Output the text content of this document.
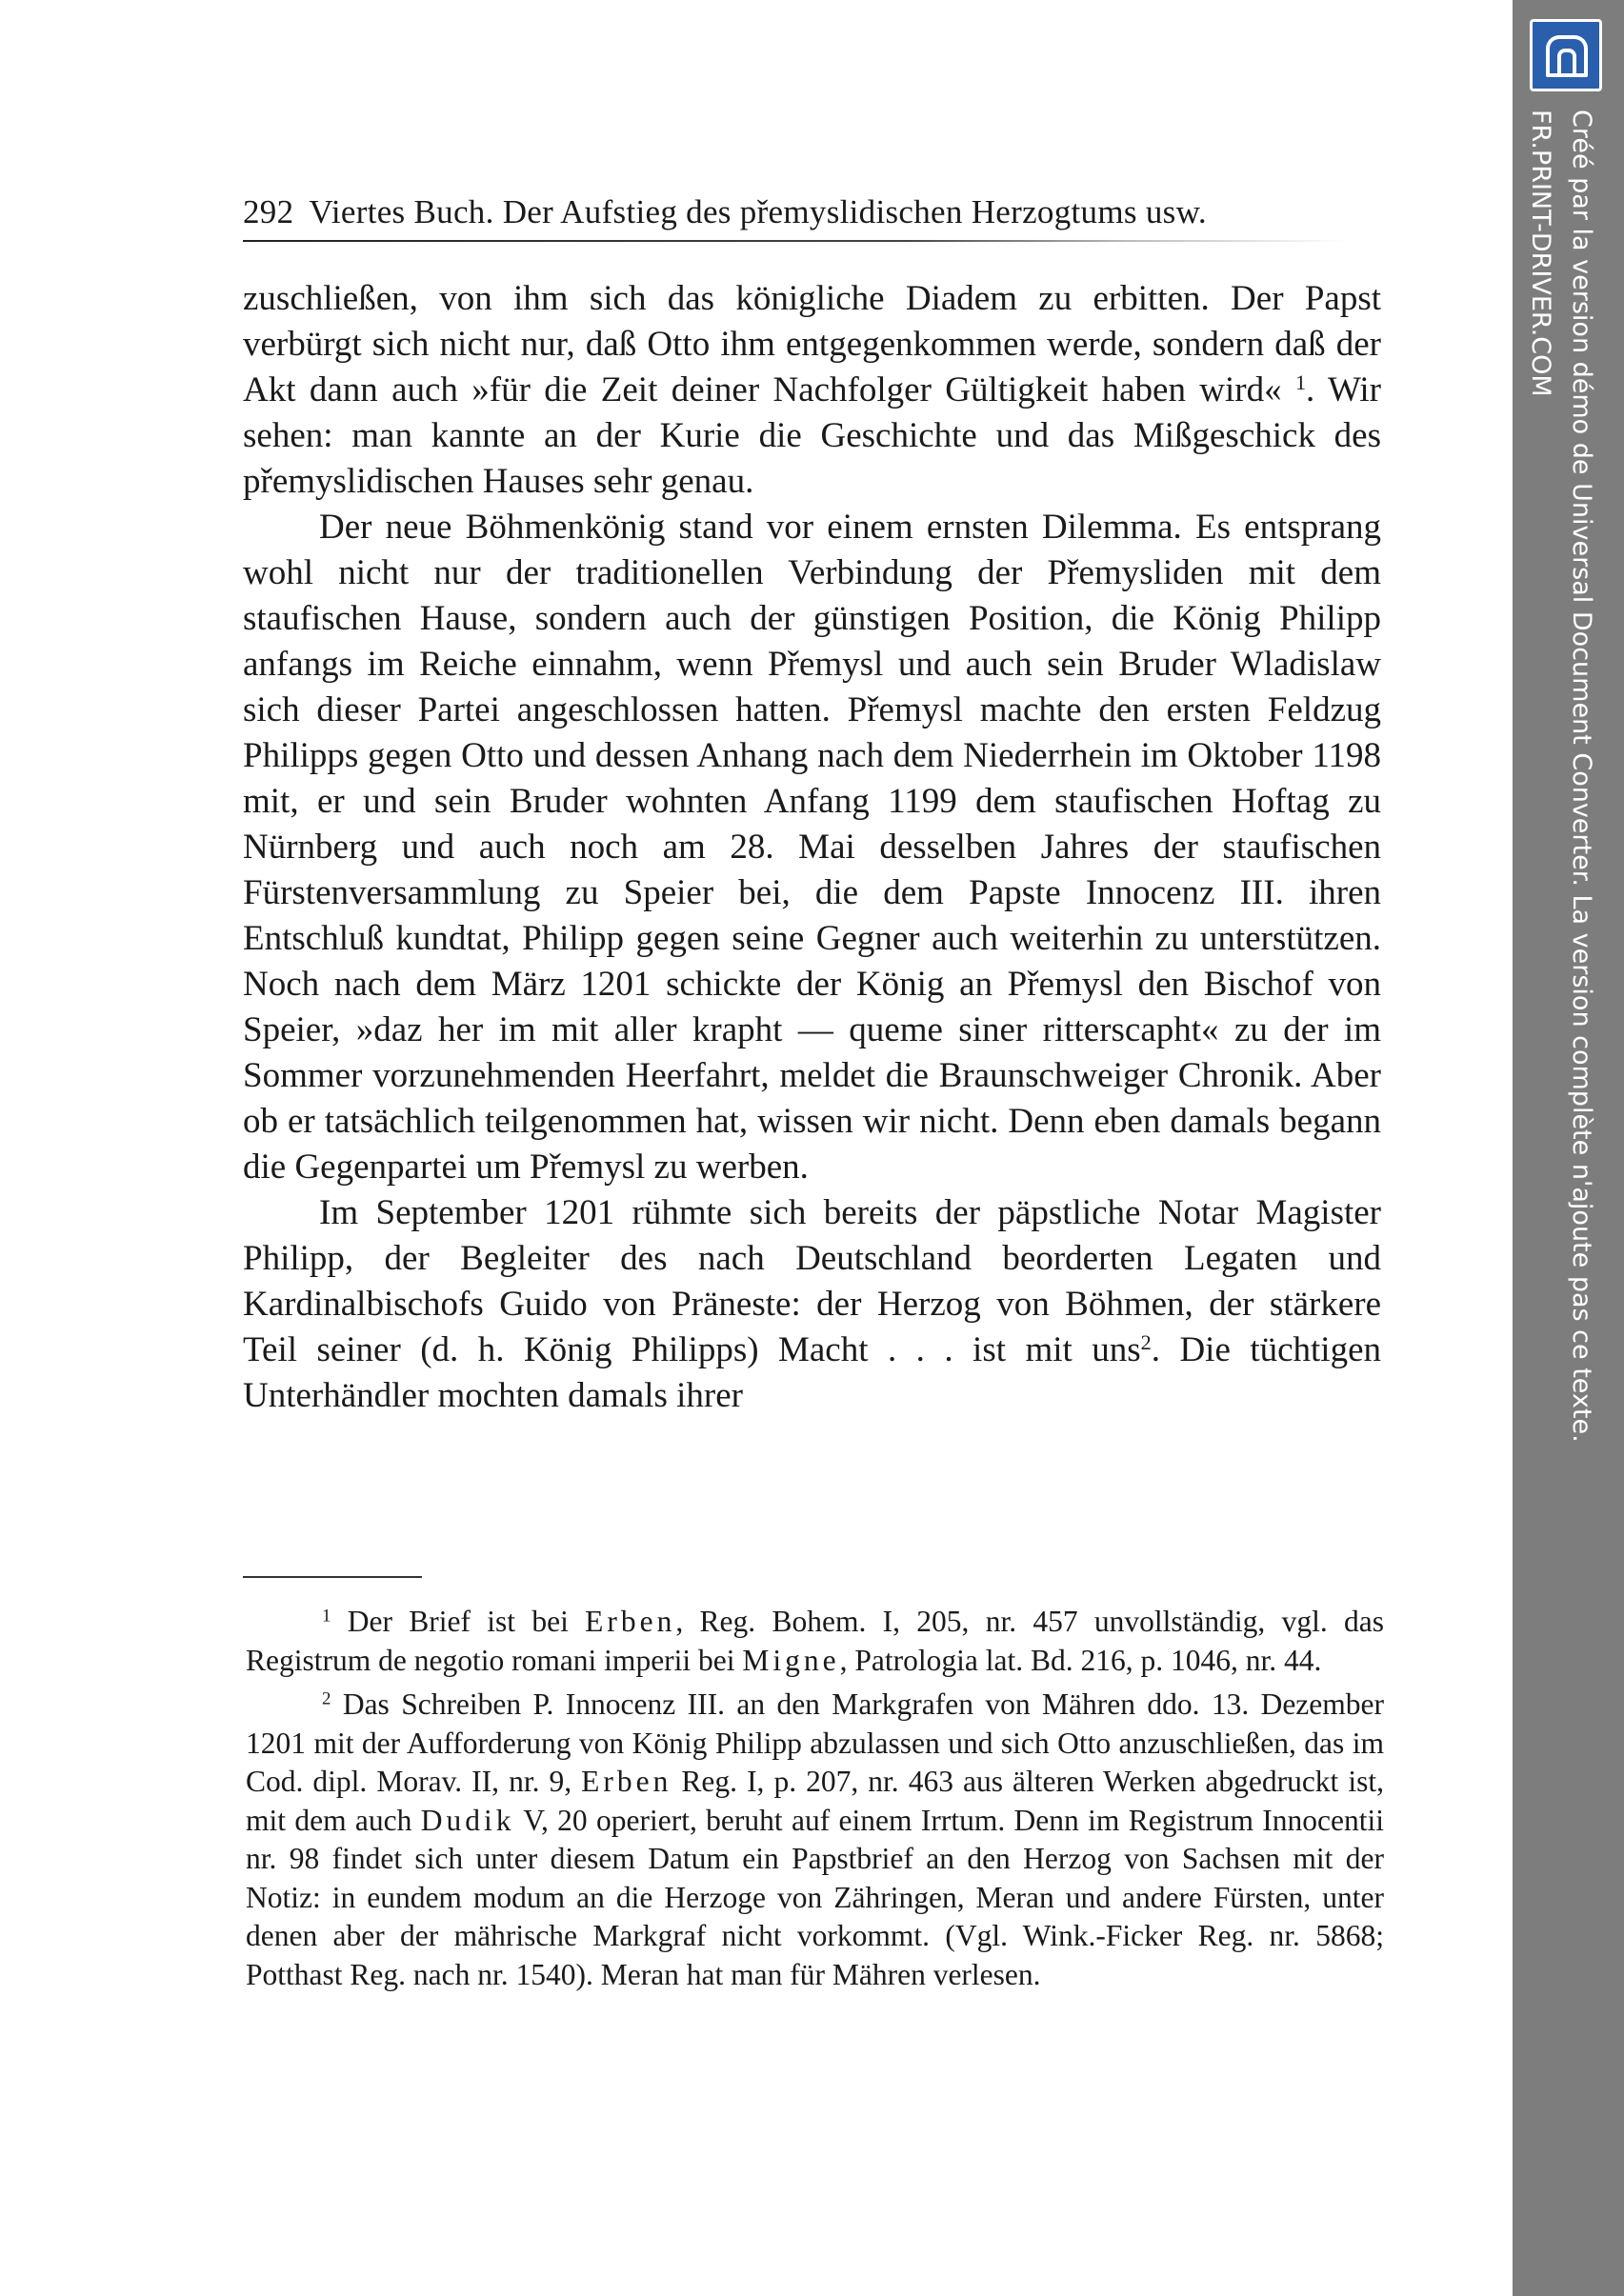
292 Viertes Buch. Der Aufstieg des přemyslidischen Herzogtums usw.

zuschließen, von ihm sich das königliche Diadem zu erbitten. Der Papst verbürgt sich nicht nur, daß Otto ihm entgegenkommen werde, sondern daß der Akt dann auch »für die Zeit deiner Nachfolger Gültigkeit haben wird« $^1$. Wir sehen: man kannte an der Kurie die Geschichte und das Mißgeschick des přemyslidischen Hauses sehr genau.

Der neue Böhmenkönig stand vor einem ernsten Dilemma. Es entsprang wohl nicht nur der traditionellen Verbindung der Přemysliden mit dem staufischen Hause, sondern auch der günstigen Position, die König Philipp anfangs im Reiche einnahm, wenn Přemysl und auch sein Bruder Wladislaw sich dieser Partei angeschlossen hatten. Přemysl machte den ersten Feldzug Philipps gegen Otto und dessen Anhang nach dem Niederrhein im Oktober 1198 mit, er und sein Bruder wohnten Anfang 1199 dem staufischen Hoftag zu Nürnberg und auch noch am 28. Mai desselben Jahres der staufischen Fürstenversammlung zu Speier bei, die dem Papste Innocenz III. ihren Entschluß kundtat, Philipp gegen seine Gegner auch weiterhin zu unterstützen. Noch nach dem März 1201 schickte der König an Přemysl den Bischof von Speier, »daz her im mit aller krapht — queme siner ritterscapht« zu der im Sommer vorzunehmenden Heerfahrt, meldet die Braunschweiger Chronik. Aber ob er tatsächlich teilgenommen hat, wissen wir nicht. Denn eben damals begann die Gegenpartei um Přemysl zu werben.

Im September 1201 rühmte sich bereits der päpstliche Notar Magister Philipp, der Begleiter des nach Deutschland beorderten Legaten und Kardinalbischofs Guido von Präneste: der Herzog von Böhmen, der stärkere Teil seiner (d. h. König Philipps) Macht . . . ist mit uns$^2$. Die tüchtigen Unterhändler mochten damals ihrer

$^1$ Der Brief ist bei Erben, Reg. Bohem. I, 205, nr. 457 unvollständig, vgl. das Registrum de negotio romani imperii bei Migne, Patrologia lat. Bd. 216, p. 1046, nr. 44.

$^2$ Das Schreiben P. Innocenz III. an den Markgrafen von Mähren ddo. 13. Dezember 1201 mit der Aufforderung von König Philipp abzulassen und sich Otto anzuschließen, das im Cod. dipl. Morav. II, nr. 9, Erben Reg. I, p. 207, nr. 463 aus älteren Werken abgedruckt ist, mit dem auch Dudik V, 20 operiert, beruht auf einem Irrtum. Denn im Registrum Innocentii nr. 98 findet sich unter diesem Datum ein Papstbrief an den Herzog von Sachsen mit der Notiz: in eundem modum an die Herzoge von Zähringen, Meran und andere Fürsten, unter denen aber der mährische Markgraf nicht vorkommt. (Vgl. Wink.-Ficker Reg. nr. 5868; Potthast Reg. nach nr. 1540). Meran hat man für Mähren verlesen.

Créé par la version démo de Universal Document Converter. La version complète n'ajoute pas ce texte.
FR.PRINT-DRIVER.COM
